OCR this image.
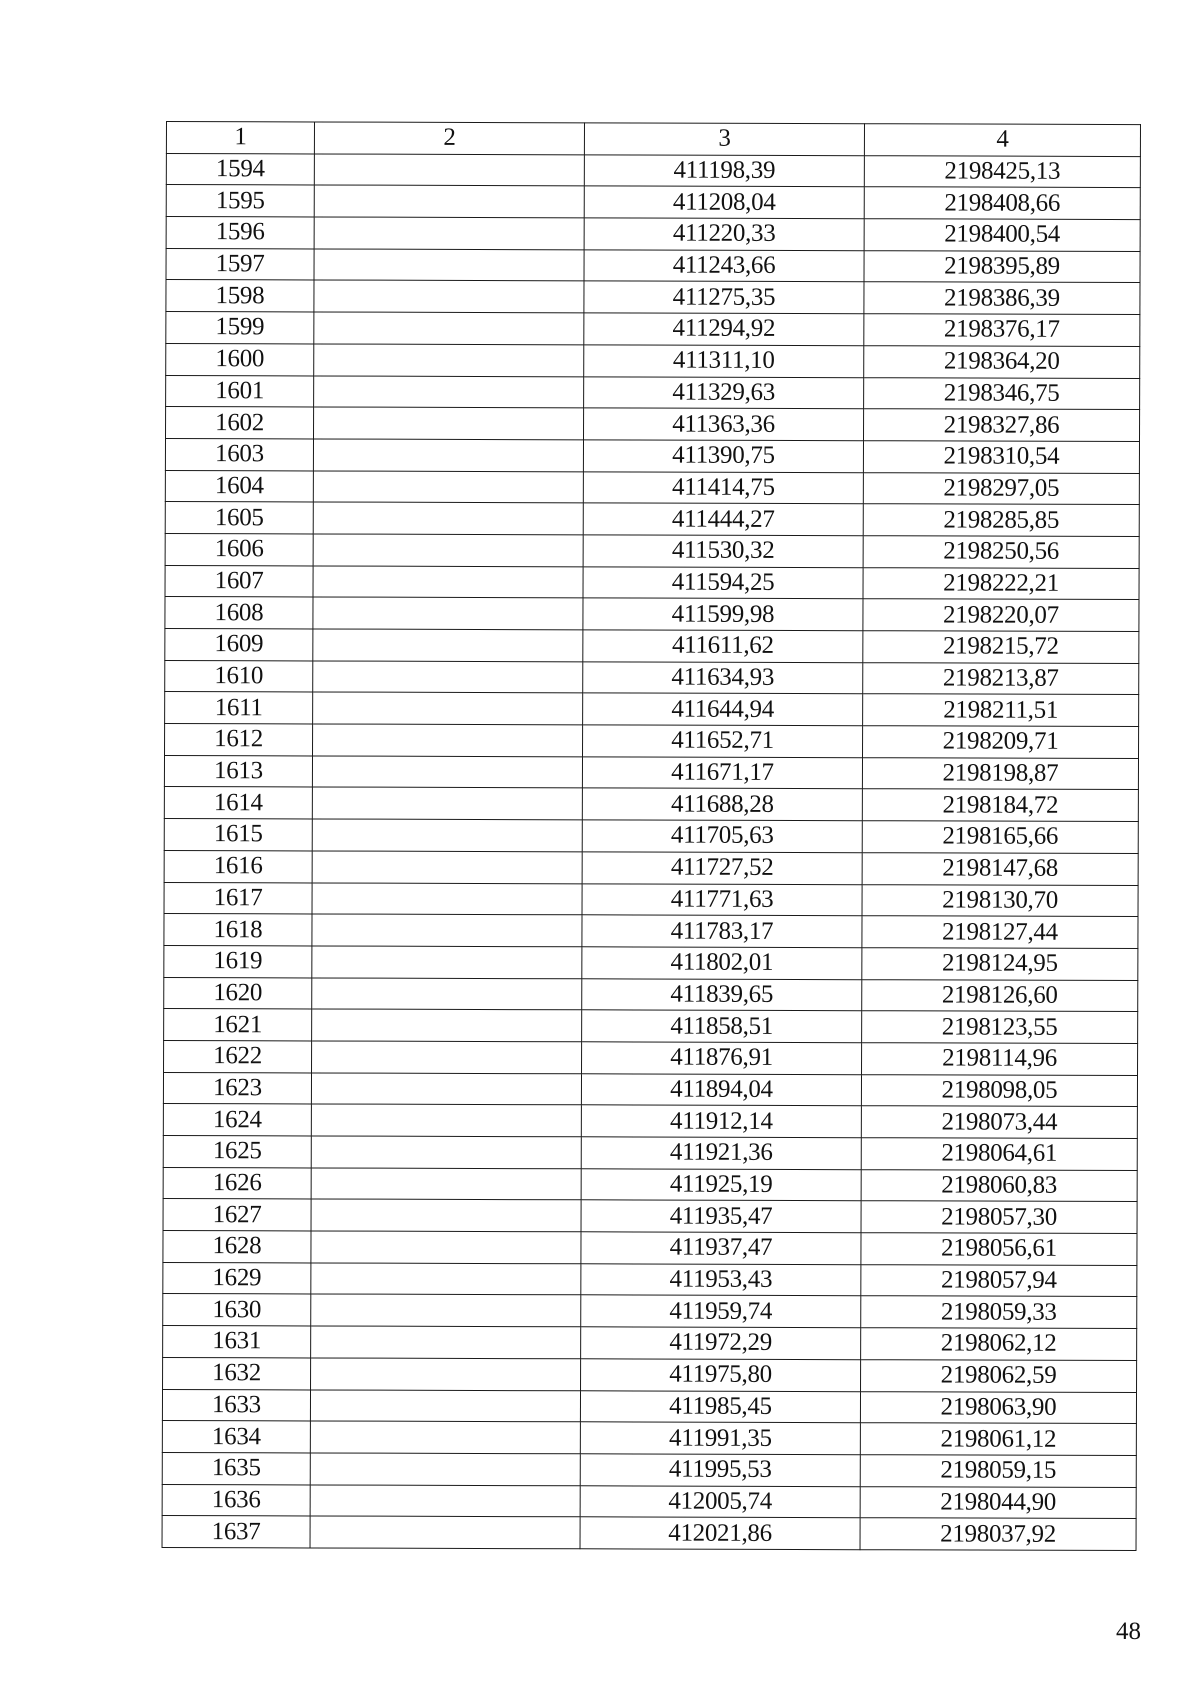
1	2	3	4
1594		411198,39	2198425,13
1595		411208,04	2198408,66
1596		411220,33	2198400,54
1597		411243,66	2198395,89
1598		411275,35	2198386,39
1599		411294,92	2198376,17
1600		411311,10	2198364,20
1601		411329,63	2198346,75
1602		411363,36	2198327,86
1603		411390,75	2198310,54
1604		411414,75	2198297,05
1605		411444,27	2198285,85
1606		411530,32	2198250,56
1607		411594,25	2198222,21
1608		411599,98	2198220,07
1609		411611,62	2198215,72
1610		411634,93	2198213,87
1611		411644,94	2198211,51
1612		411652,71	2198209,71
1613		411671,17	2198198,87
1614		411688,28	2198184,72
1615		411705,63	2198165,66
1616		411727,52	2198147,68
1617		411771,63	2198130,70
1618		411783,17	2198127,44
1619		411802,01	2198124,95
1620		411839,65	2198126,60
1621		411858,51	2198123,55
1622		411876,91	2198114,96
1623		411894,04	2198098,05
1624		411912,14	2198073,44
1625		411921,36	2198064,61
1626		411925,19	2198060,83
1627		411935,47	2198057,30
1628		411937,47	2198056,61
1629		411953,43	2198057,94
1630		411959,74	2198059,33
1631		411972,29	2198062,12
1632		411975,80	2198062,59
1633		411985,45	2198063,90
1634		411991,35	2198061,12
1635		411995,53	2198059,15
1636		412005,74	2198044,90
1637		412021,86	2198037,92
48
